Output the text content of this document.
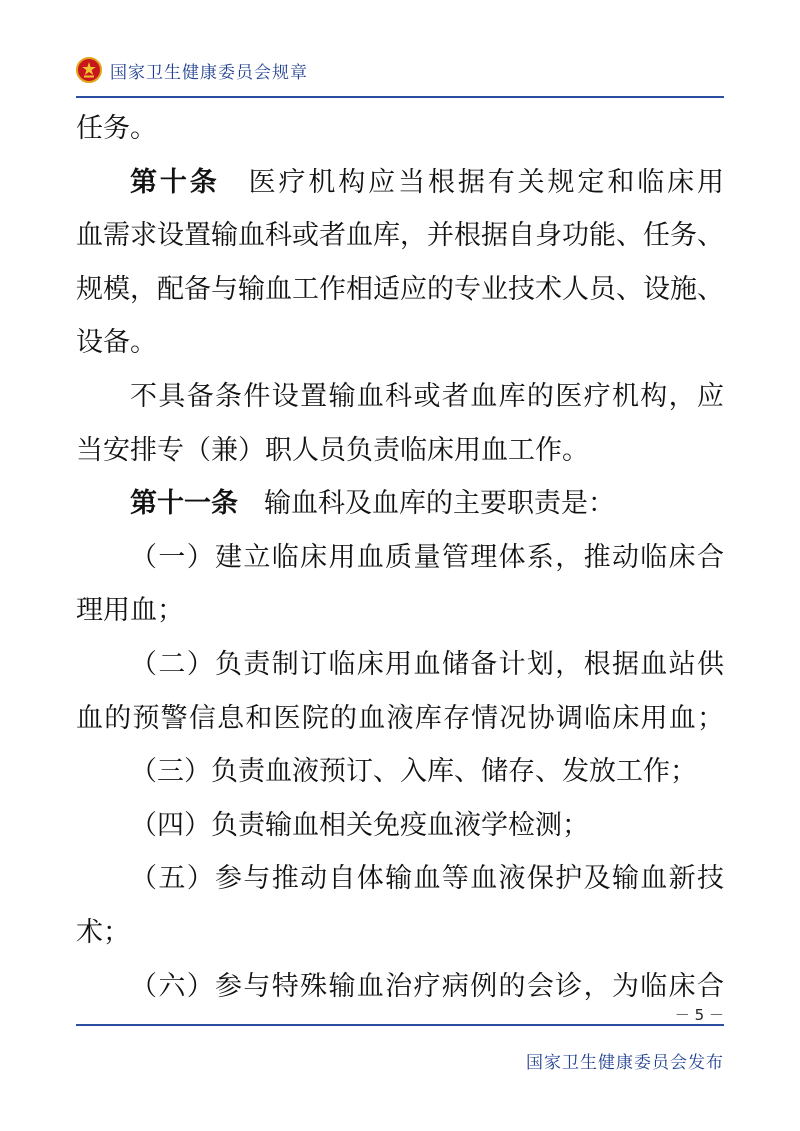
国家卫生健康委员会规章
任务。
第十条 医疗机构应当根据有关规定和临床用
血需求设置输血科或者血库，并根据自身功能、任务、
规模，配备与输血工作相适应的专业技术人员、设施、
设备。
不具备条件设置输血科或者血库的医疗机构，应
当安排专（兼）职人员负责临床用血工作。
第十一条 输血科及血库的主要职责是：
（一）建立临床用血质量管理体系，推动临床合
理用血；
（二）负责制订临床用血储备计划，根据血站供
血的预警信息和医院的血液库存情况协调临床用血；
（三）负责血液预订、入库、储存、发放工作；
（四）负责输血相关免疫血液学检测；
（五）参与推动自体输血等血液保护及输血新技
术；
（六）参与特殊输血治疗病例的会诊，为临床合
－ 5 －
国家卫生健康委员会发布
